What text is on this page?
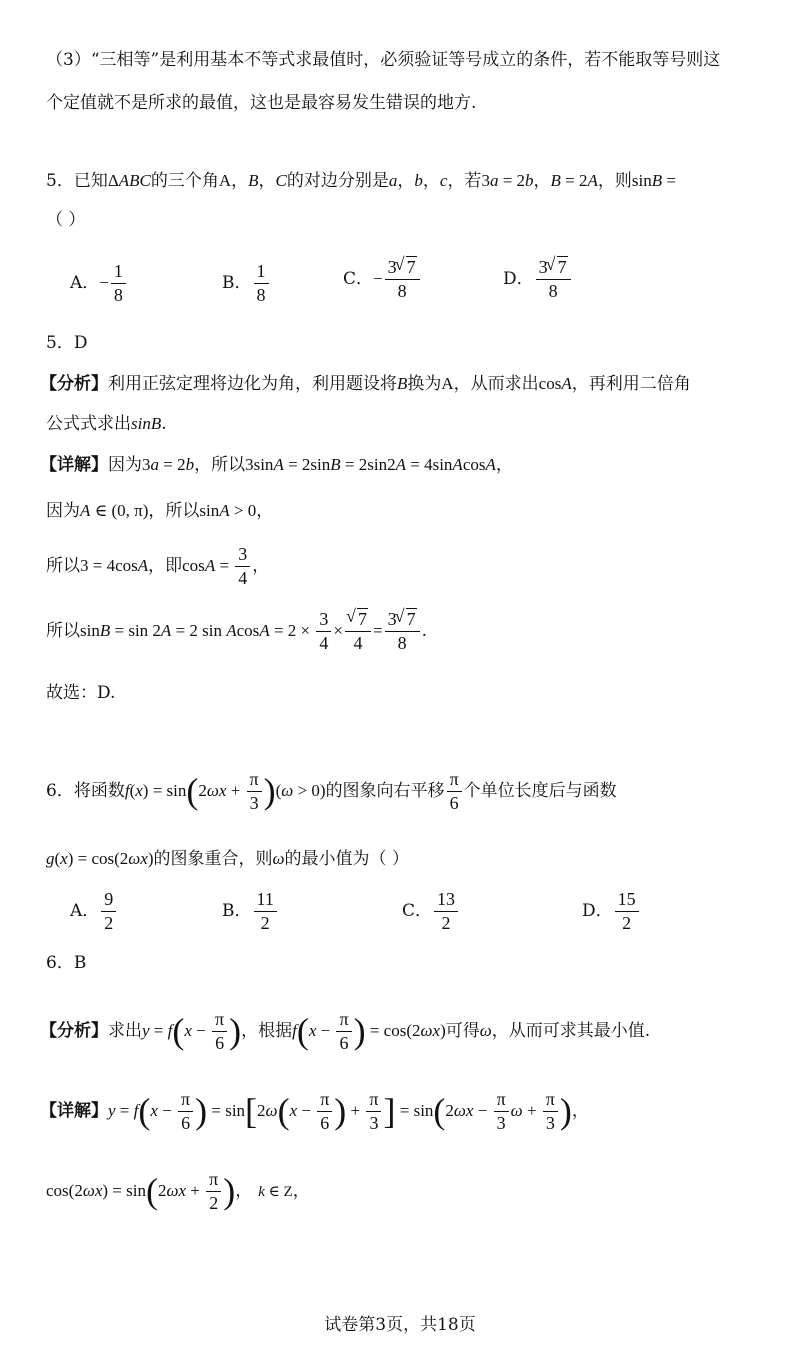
（3）“三相等”是利用基本不等式求最值时，必须验证等号成立的条件，若不能取等号则这
个定值就不是所求的最值，这也是最容易发生错误的地方.
5．已知ΔABC的三个角A，B，C的对边分别是a，b，c，若3a = 2b，B = 2A，则sinB =
（ ）
A．− $\frac{1}{8}$	B． $\frac{1}{8}$	C．− $\frac{3 √ 7}{8}$	D． $\frac{3 √ 7}{8}$
5．D
【分析】利用正弦定理将边化为角，利用题设将B换为A，从而求出cosA，再利用二倍角
公式式求出sinB.
【详解】因为3a = 2b，所以3sinA = 2sinB = 2sin2A = 4sinAcosA，
因为A ∈ (0, π)，所以sinA > 0，
所以3 = 4cosA，即$\cos A = \frac{3}{4}$ ，
所以sinB = sin 2A = 2 $\sin AcosA = 2 \times \frac{3}{4}$ × √ $\frac{7}{4} = \frac{3 √ 7}{8}$ .
故选：D.
6．将函数$f(x) = \sin(2\omega x + \frac{\pi}{3} )(\omega > 0)$的图象向右平移 $\frac{\pi}{6}$ 个单位长度后与函数
g(x) = cos(2ωx)的图象重合，则ω的最小值为（ ）
A． $\frac{9}{2}$	B． $\frac{11}{2}$	C． $\frac{13}{2}$	D． $\frac{15}{2}$
6．B
【分析】求出$y = f(x - \frac{\pi}{6}$ )，根据$f(x - \frac{\pi}{6}$ ) = cos(2ωx)可得ω，从而可求其最小值.
【详解】$y = f(x - \frac{\pi}{6}$ ) = $\sin[2\omega(x - \frac{\pi}{6}$ ) + $\frac{\pi}{3}$ ] = $\sin(2\omega x - \frac{\pi}{3}$ $\omega + \frac{\pi}{3}$ )，
$\cos(2\omega x) = \sin(2\omega x + \frac{\pi}{2}$ )， k ∈ Z，
试卷第3页，共18页
